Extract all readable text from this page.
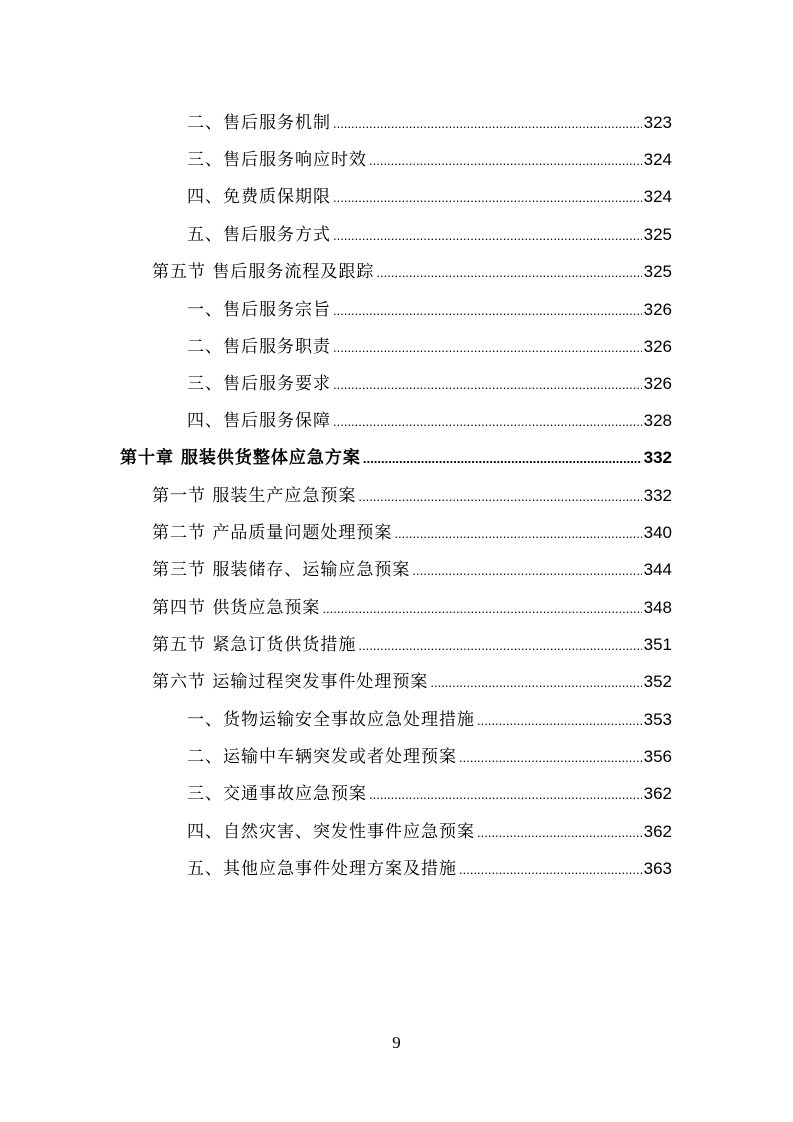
二、售后服务机制 .....	323
三、售后服务响应时效 .....	324
四、免费质保期限 .....	324
五、售后服务方式 .....	325
第五节 售后服务流程及跟踪 .....	325
一、售后服务宗旨 .....	326
二、售后服务职责 .....	326
三、售后服务要求 .....	326
四、售后服务保障 .....	328
第十章 服装供货整体应急方案 .....	332
第一节 服装生产应急预案 .....	332
第二节 产品质量问题处理预案 .....	340
第三节 服装储存、运输应急预案 .....	344
第四节 供货应急预案 .....	348
第五节 紧急订货供货措施 .....	351
第六节 运输过程突发事件处理预案 .....	352
一、货物运输安全事故应急处理措施 .....	353
二、运输中车辆突发或者处理预案 .....	356
三、交通事故应急预案 .....	362
四、自然灾害、突发性事件应急预案 .....	362
五、其他应急事件处理方案及措施 .....	363
9
